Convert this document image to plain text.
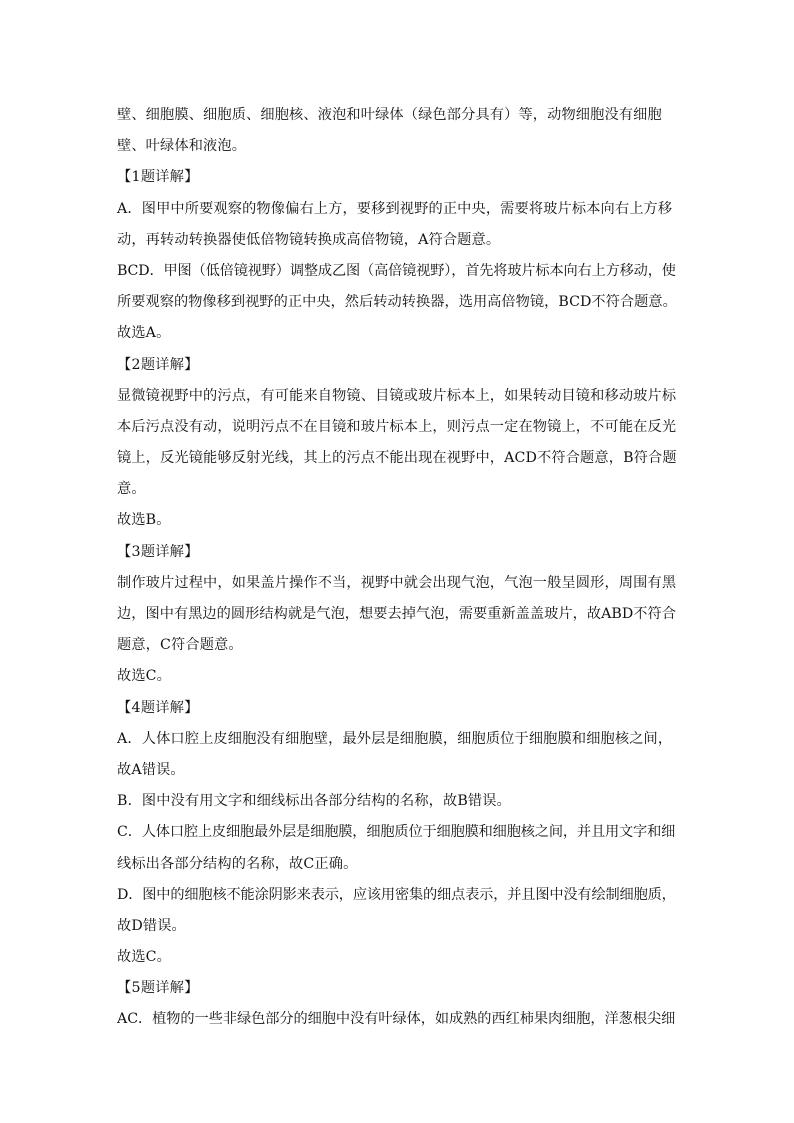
壁、细胞膜、细胞质、细胞核、液泡和叶绿体（绿色部分具有）等，动物细胞没有细胞
壁、叶绿体和液泡。
【1题详解】
A．图甲中所要观察的物像偏右上方，要移到视野的正中央，需要将玻片标本向右上方移
动，再转动转换器使低倍物镜转换成高倍物镜，A符合题意。
BCD．甲图（低倍镜视野）调整成乙图（高倍镜视野），首先将玻片标本向右上方移动，使
所要观察的物像移到视野的正中央，然后转动转换器，选用高倍物镜，BCD不符合题意。
故选A。
【2题详解】
显微镜视野中的污点，有可能来自物镜、目镜或玻片标本上，如果转动目镜和移动玻片标
本后污点没有动，说明污点不在目镜和玻片标本上，则污点一定在物镜上，不可能在反光
镜上，反光镜能够反射光线，其上的污点不能出现在视野中，ACD不符合题意，B符合题
意。
故选B。
【3题详解】
制作玻片过程中，如果盖片操作不当，视野中就会出现气泡，气泡一般呈圆形，周围有黑
边，图中有黑边的圆形结构就是气泡，想要去掉气泡，需要重新盖盖玻片，故ABD不符合
题意，C符合题意。
故选C。
【4题详解】
A．人体口腔上皮细胞没有细胞壁，最外层是细胞膜，细胞质位于细胞膜和细胞核之间，
故A错误。
B．图中没有用文字和细线标出各部分结构的名称，故B错误。
C．人体口腔上皮细胞最外层是细胞膜，细胞质位于细胞膜和细胞核之间，并且用文字和细
线标出各部分结构的名称，故C正确。
D．图中的细胞核不能涂阴影来表示，应该用密集的细点表示，并且图中没有绘制细胞质，
故D错误。
故选C。
【5题详解】
AC．植物的一些非绿色部分的细胞中没有叶绿体，如成熟的西红柿果肉细胞，洋葱根尖细
